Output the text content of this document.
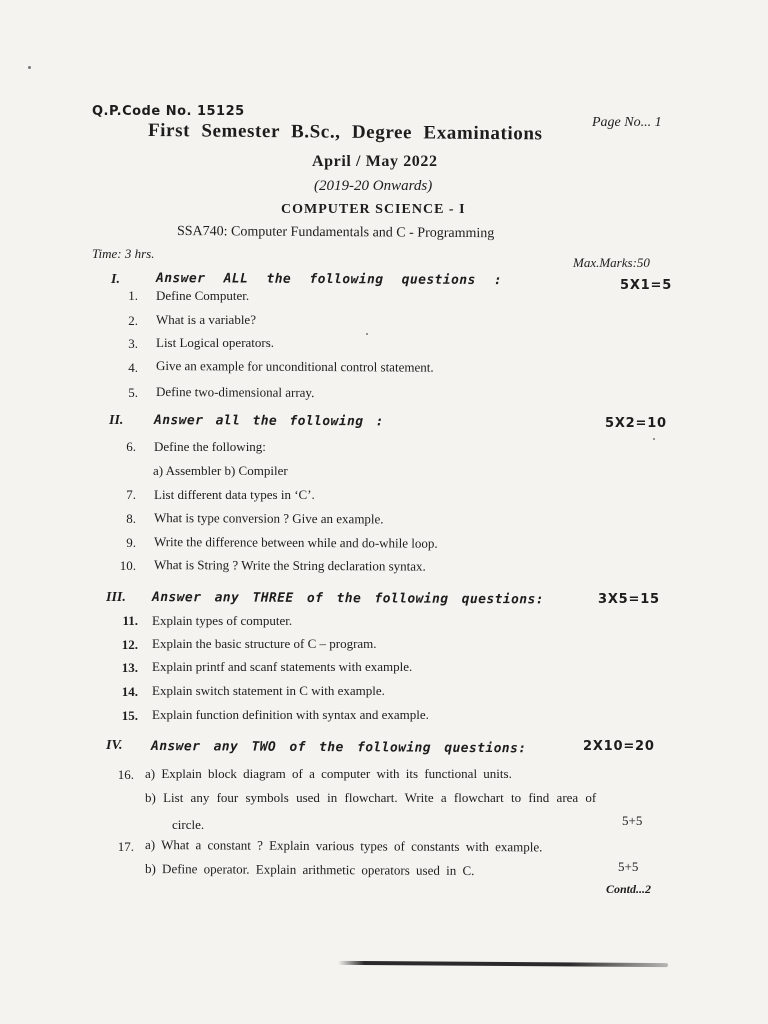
Q.P.Code No. 15125
Page No... 1
First Semester B.Sc., Degree Examinations
April / May 2022
(2019-20 Onwards)
COMPUTER SCIENCE - I
SSA740: Computer Fundamentals and C - Programming
Time: 3 hrs.
Max.Marks:50
I.	Answer ALL the following questions :	5X1=5
1. Define Computer.
2. What is a variable?
3. List Logical operators.
4. Give an example for unconditional control statement.
5. Define two-dimensional array.
II. Answer all the following :	5X2=10
6. Define the following:
a) Assembler b) Compiler
7. List different data types in ‘C’.
8. What is type conversion ? Give an example.
9. Write the difference between while and do-while loop.
10. What is String ? Write the String declaration syntax.
III. Answer any THREE of the following questions:	3X5=15
11. Explain types of computer.
12. Explain the basic structure of C – program.
13. Explain printf and scanf statements with example.
14. Explain switch statement in C with example.
15. Explain function definition with syntax and example.
IV. Answer any TWO of the following questions:	2X10=20
16. a) Explain block diagram of a computer with its functional units.
b) List any four symbols used in flowchart. Write a flowchart to find area of
circle.	5+5
17. a) What a constant ? Explain various types of constants with example.
b) Define operator. Explain arithmetic operators used in C.	5+5
Contd...2
